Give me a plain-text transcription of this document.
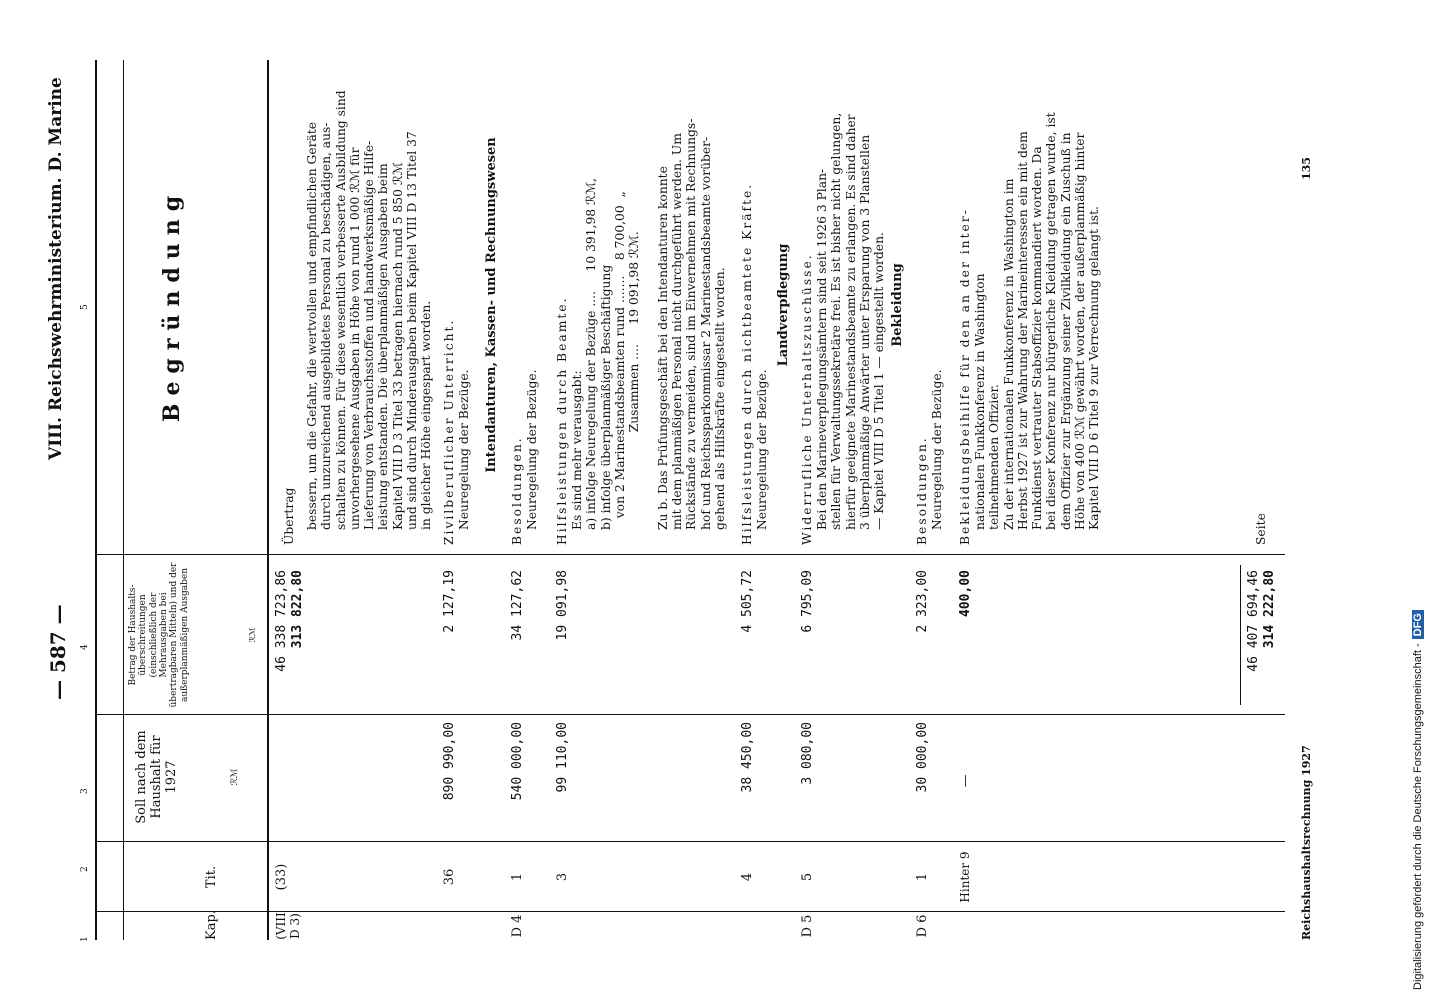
— 587 —
VIII. Reichswehrministerium. D. Marine
1
2
3
4
5
Kap.
Tit.
Soll nach dem Haushalt für 1927	ℛℳ
Betrag der Haushalts- überschreitungen (einschließlich der Mehrausgaben bei übertragbaren Mitteln) und der außerplanmäßigen Ausgaben	ℛℳ
Begründung
(VIII D 3)
(33)
46 338 723,86 313 822,80
Übertrag bessern, um die Gefahr, die wertvollen und empfindlichen Geräte durch unzureichend ausgebildetes Personal zu beschädigen, aus- schalten zu können. Für diese wesentlich verbesserte Ausbildung sind unvorhergesehene Ausgaben in Höhe von rund 1 000 ℛℳ für Lieferung von Verbrauchsstoffen und handwerksmäßige Hilfe- leistung entstanden. Die überplanmäßigen Ausgaben beim Kapitel VIII D 3 Titel 33 betragen hiernach rund 5 850 ℛℳ und sind durch Minderausgaben beim Kapitel VIII D 13 Titel 37 in gleicher Höhe eingespart worden.
36
890 990,00
2 127,19
Zivilberuflicher Unterricht. Neuregelung der Bezüge. Intendanturen, Kassen- und Rechnungswesen
D 4
1
540 000,00
34 127,62
Besoldungen. Neuregelung der Bezüge.
3
99 110,00
19 091,98
Hilfsleistungen durch Beamte. Es sind mehr verausgabt: a) infolge Neuregelung der Bezüge ....     10 391,98 ℛℳ, b) infolge überplanmäßiger Beschäftigung von 2 Marinestandsbeamten rund .......    8 700,00  „ Zusammen ....     19 091,98 ℛℳ.
Zu b. Das Prüfungsgeschäft bei den Intendanturen konnte mit dem planmäßigen Personal nicht durchgeführt werden. Um Rückstände zu vermeiden, sind im Einvernehmen mit Rechnungs- hof und Reichssparkommissar 2 Marinestandsbeamte vorüber- gehend als Hilfskräfte eingestellt worden.
4
38 450,00
4 505,72
Hilfsleistungen durch nichtbeamtete Kräfte. Neuregelung der Bezüge.
Landverpflegung
D 5
5
3 080,00
6 795,09
Widerrufliche Unterhaltszuschüsse. Bei den Marineverpflegungsämtern sind seit 1926 3 Plan- stellen für Verwaltungssekretäre frei. Es ist bisher nicht gelungen, hierfür geeignete Marinestandsbeamte zu erlangen. Es sind daher 3 überplanmäßige Anwärter unter Ersparung von 3 Planstellen — Kapitel VIII D 5 Titel 1 — eingestellt worden. Bekleidung
D 6
1
30 000,00
2 323,00
Besoldungen. Neuregelung der Bezüge.
Hinter 9
—
400,00
Bekleidungsbeihilfe für den an der inter- nationalen Funkkonferenz in Washington teilnehmenden Offizier. Zu der internationalen Funkkonferenz in Washington im Herbst 1927 ist zur Wahrung der Marineinteressen ein mit dem Funkdienst vertrauter Stabsoffizier kommandiert worden. Da bei dieser Konferenz nur bürgerliche Kleidung getragen wurde, ist dem Offizier zur Ergänzung seiner Zivilkleidung ein Zuschuß in Höhe von 400 ℛℳ gewährt worden, der außerplanmäßig hinter Kapitel VIII D 6 Titel 9 zur Verrechnung gelangt ist.
46 407 694,46 314 222,80
Seite
Reichshaushaltsrechnung 1927
135
Digitalisierung gefördert durch die Deutsche Forschungsgemeinschaft -DFG
